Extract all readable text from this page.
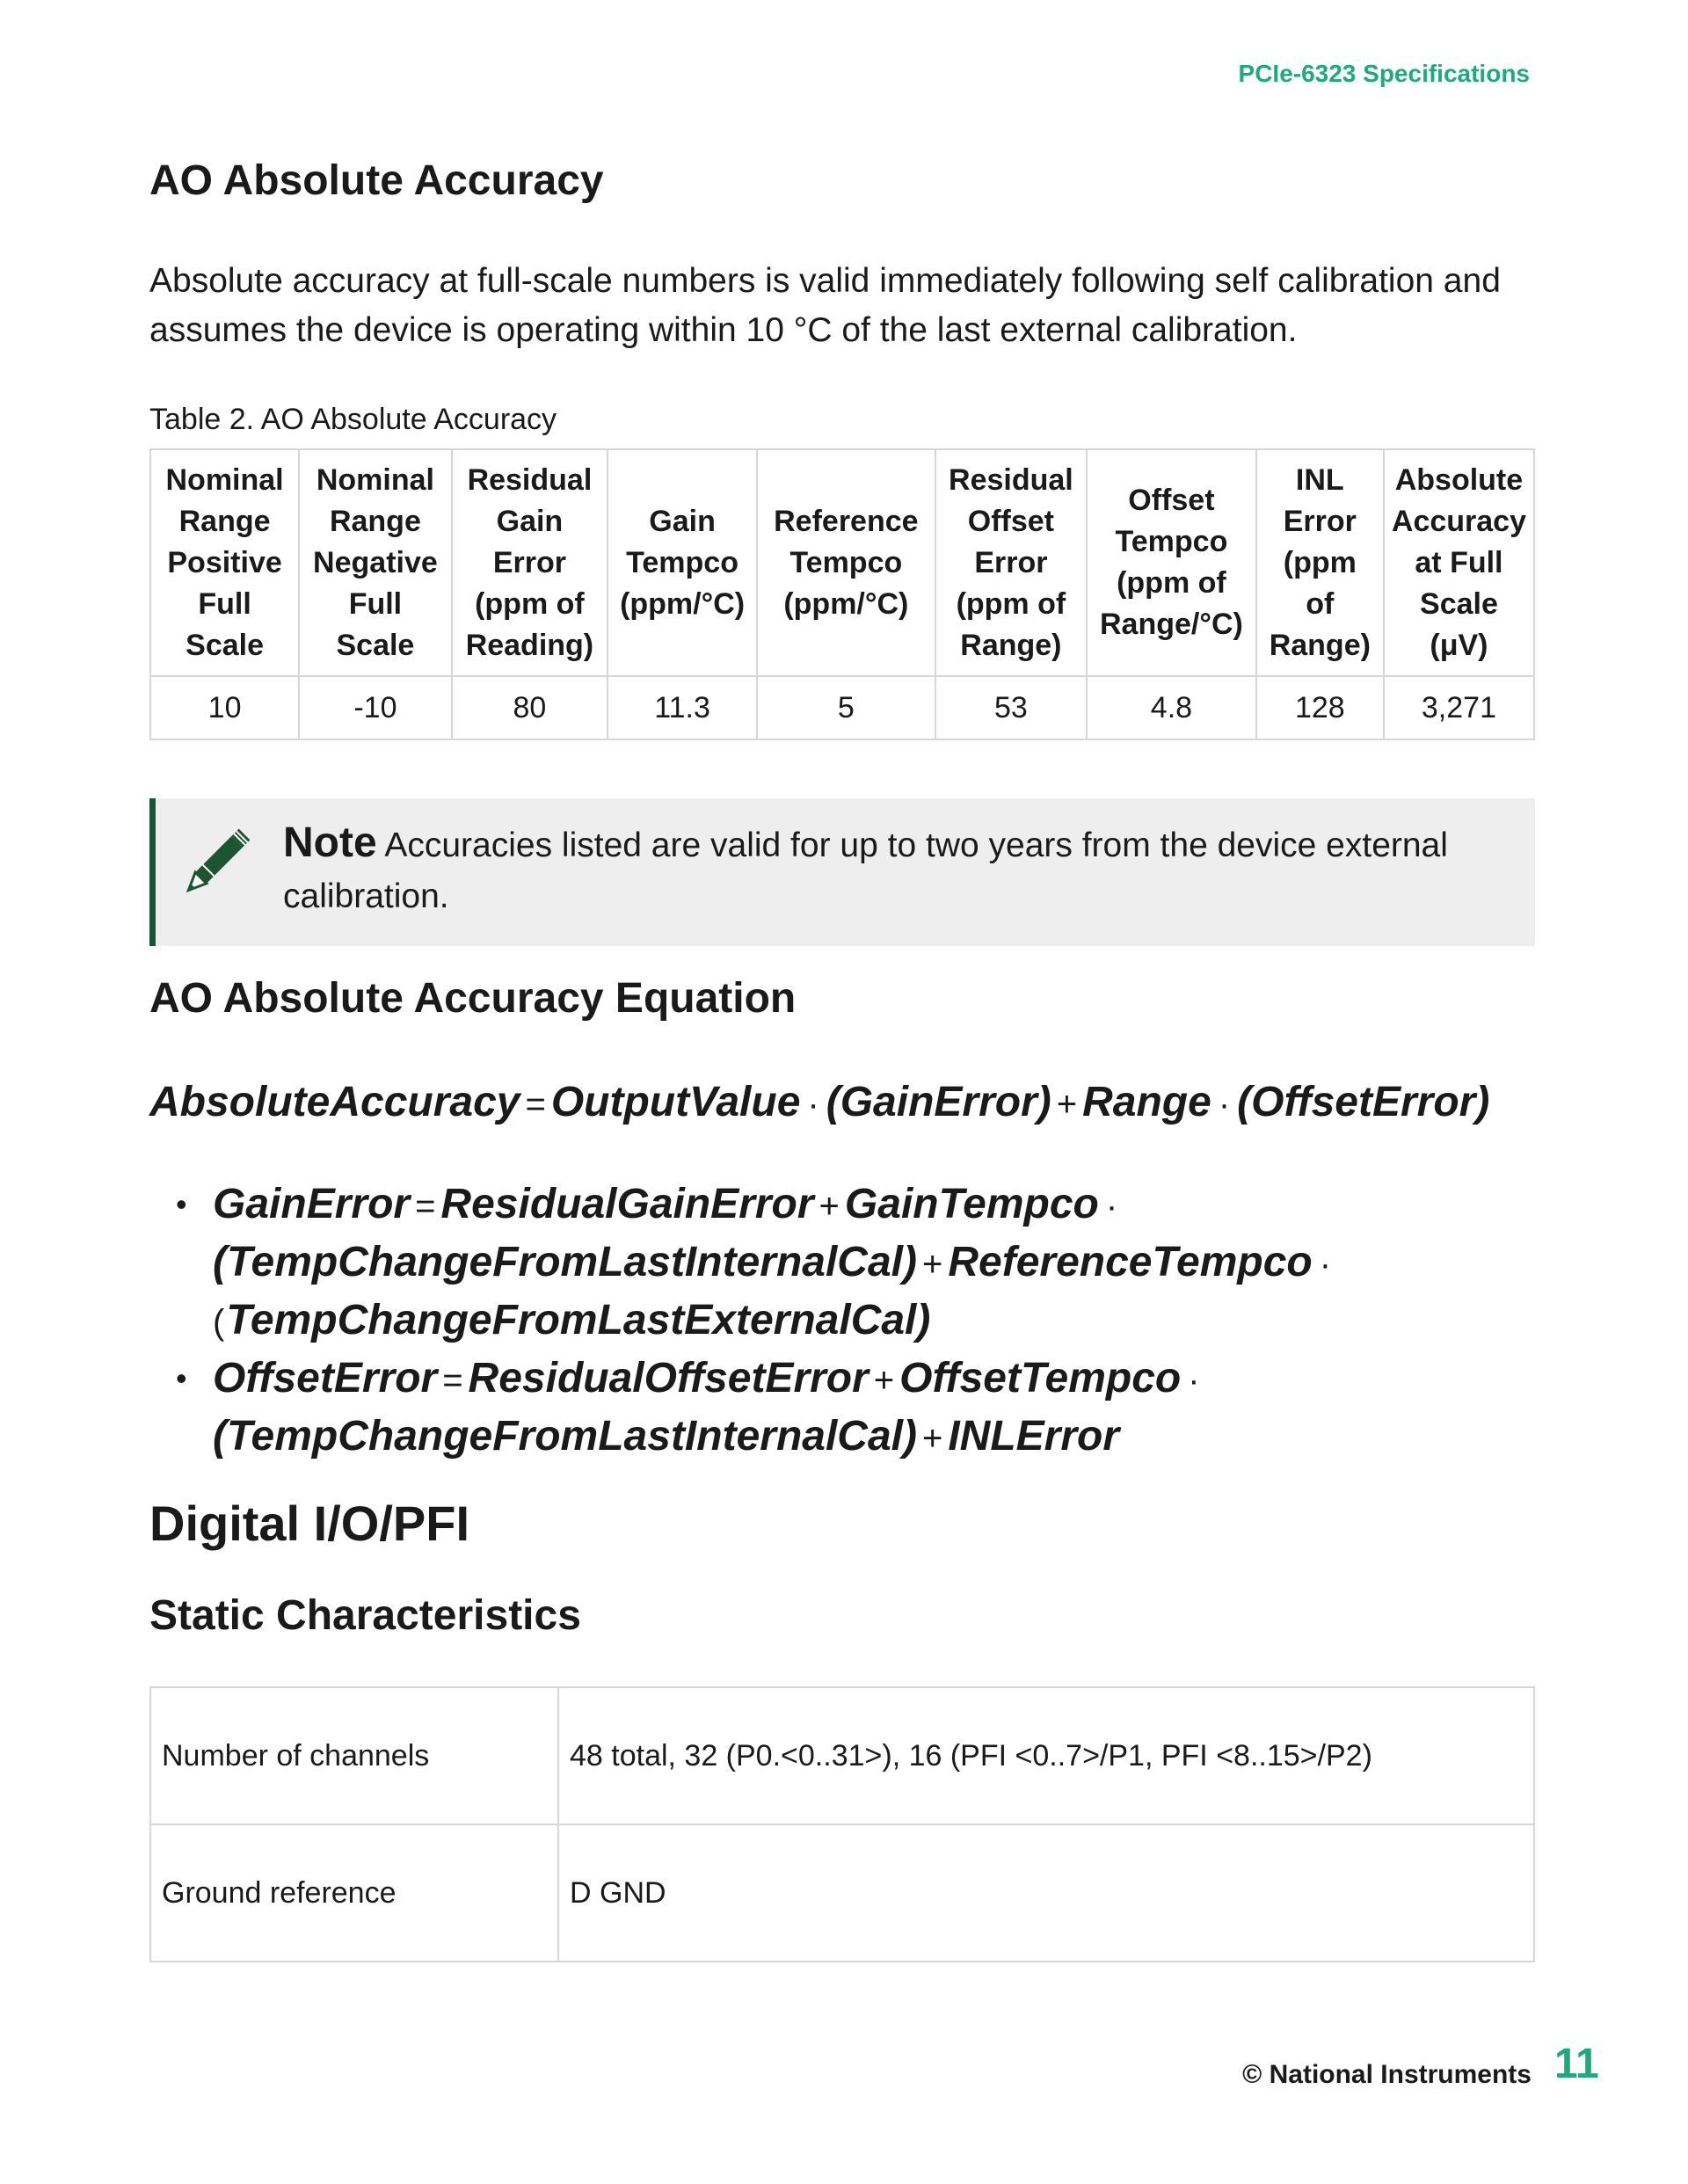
PCIe-6323 Specifications
AO Absolute Accuracy

Absolute accuracy at full-scale numbers is valid immediately following self calibration and assumes the device is operating within 10 °C of the last external calibration.

Table 2. AO Absolute Accuracy
Nominal
Range
Positive
Full
Scale	Nominal
Range
Negative
Full
Scale	Residual
Gain
Error
(ppm of
Reading)	Gain
Tempco
(ppm/°C)	Reference
Tempco
(ppm/°C)	Residual
Offset
Error
(ppm of
Range)	Offset
Tempco
(ppm of
Range/°C)	INL
Error
(ppm
of
Range)	Absolute
Accuracy
at Full
Scale
(μV)
10	-10	80	11.3	5	53	4.8	128	3,271
Note Accuracies listed are valid for up to two years from the device external calibration.
AO Absolute Accuracy Equation
AbsoluteAccuracy = OutputValue · (GainError) + Range · (OffsetError)
• GainError = ResidualGainError + GainTempco ·
(TempChangeFromLastInternalCal) + ReferenceTempco ·
(TempChangeFromLastExternalCal)
• OffsetError = ResidualOffsetError + OffsetTempco ·
(TempChangeFromLastInternalCal) + INLError
Digital I/O/PFI
Static Characteristics
Number of channels	48 total, 32 (P0.<0..31>), 16 (PFI <0..7>/P1, PFI <8..15>/P2)
Ground reference	D GND
© National Instruments 11
